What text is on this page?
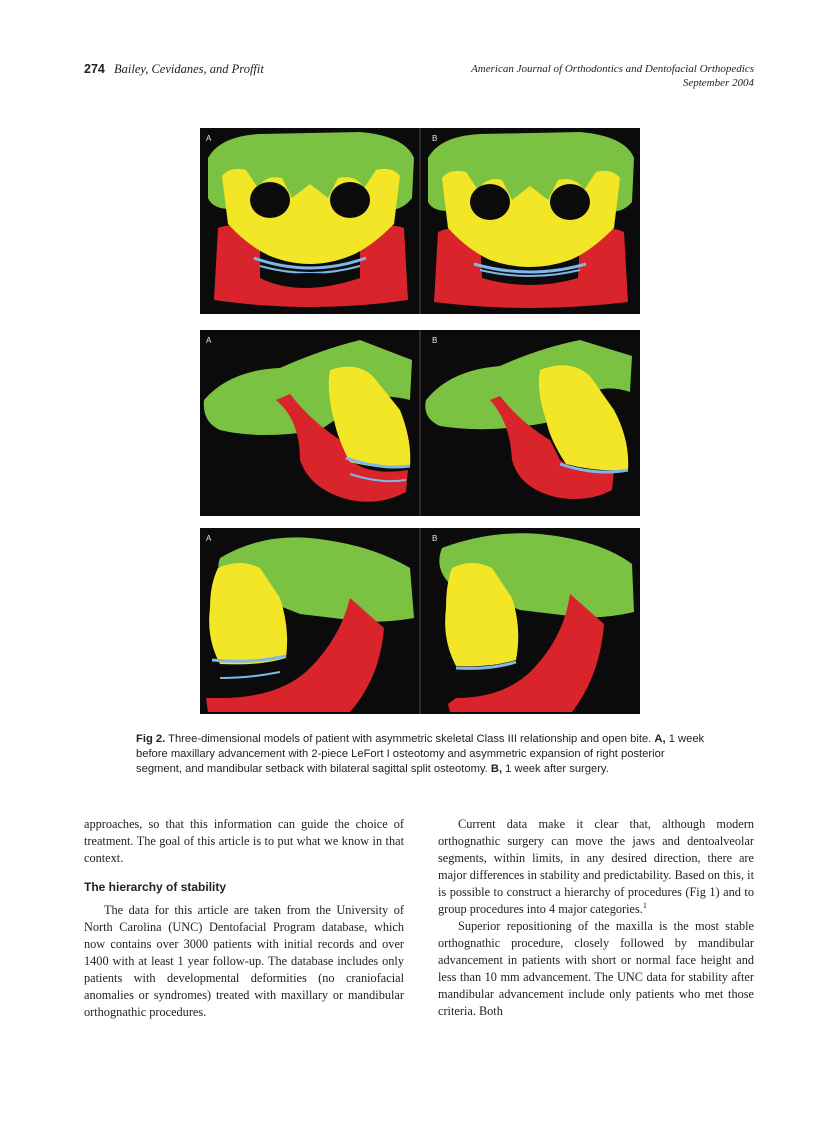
274 Bailey, Cevidanes, and Proffit	American Journal of Orthodontics and Dentofacial Orthopedics
September 2004
A	B
A	B
A	B
Fig 2. Three-dimensional models of patient with asymmetric skeletal Class III relationship and open bite. A, 1 week before maxillary advancement with 2-piece LeFort I osteotomy and asymmetric expansion of right posterior segment, and mandibular setback with bilateral sagittal split osteotomy. B, 1 week after surgery.

approaches, so that this information can guide the choice of treatment. The goal of this article is to put what we know in that context.

The hierarchy of stability

The data for this article are taken from the University of North Carolina (UNC) Dentofacial Program database, which now contains over 3000 patients with initial records and over 1400 with at least 1 year follow-up. The database includes only patients with developmental deformities (no craniofacial anomalies or syndromes) treated with maxillary or mandibular orthognathic procedures.

Current data make it clear that, although modern orthognathic surgery can move the jaws and dentoalveolar segments, within limits, in any desired direction, there are major differences in stability and predictability. Based on this, it is possible to construct a hierarchy of procedures (Fig 1) and to group procedures into 4 major categories.$^1$

Superior repositioning of the maxilla is the most stable orthognathic procedure, closely followed by mandibular advancement in patients with short or normal face height and less than 10 mm advancement. The UNC data for stability after mandibular advancement include only patients who met those criteria. Both
